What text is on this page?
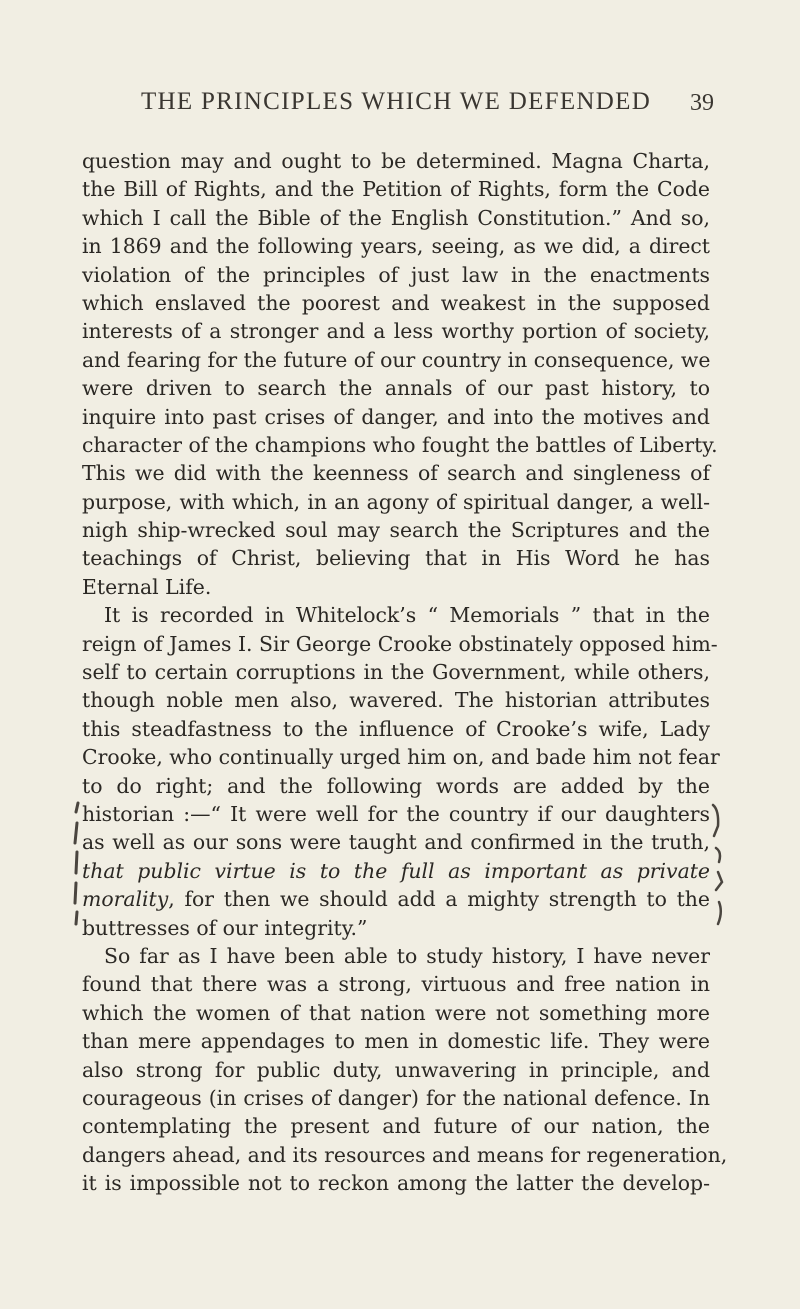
THE PRINCIPLES WHICH WE DEFENDED	39
question may and ought to be determined. Magna Charta,
the Bill of Rights, and the Petition of Rights, form the Code
which I call the Bible of the English Constitution.” And so,
in 1869 and the following years, seeing, as we did, a direct
violation of the principles of just law in the enactments
which enslaved the poorest and weakest in the supposed
interests of a stronger and a less worthy portion of society,
and fearing for the future of our country in consequence, we
were driven to search the annals of our past history, to
inquire into past crises of danger, and into the motives and
character of the champions who fought the battles of Liberty.
This we did with the keenness of search and singleness of
purpose, with which, in an agony of spiritual danger, a well-
nigh ship-wrecked soul may search the Scriptures and the
teachings of Christ, believing that in His Word he has
Eternal Life.
It is recorded in Whitelock’s “ Memorials ” that in the
reign of James I. Sir George Crooke obstinately opposed him-
self to certain corruptions in the Government, while others,
though noble men also, wavered. The historian attributes
this steadfastness to the influence of Crooke’s wife, Lady
Crooke, who continually urged him on, and bade him not fear
to do right; and the following words are added by the
historian :—“ It were well for the country if our daughters
as well as our sons were taught and confirmed in the truth,
that public virtue is to the full as important as private
morality, for then we should add a mighty strength to the
buttresses of our integrity.”
So far as I have been able to study history, I have never
found that there was a strong, virtuous and free nation in
which the women of that nation were not something more
than mere appendages to men in domestic life. They were
also strong for public duty, unwavering in principle, and
courageous (in crises of danger) for the national defence. In
contemplating the present and future of our nation, the
dangers ahead, and its resources and means for regeneration,
it is impossible not to reckon among the latter the develop-
